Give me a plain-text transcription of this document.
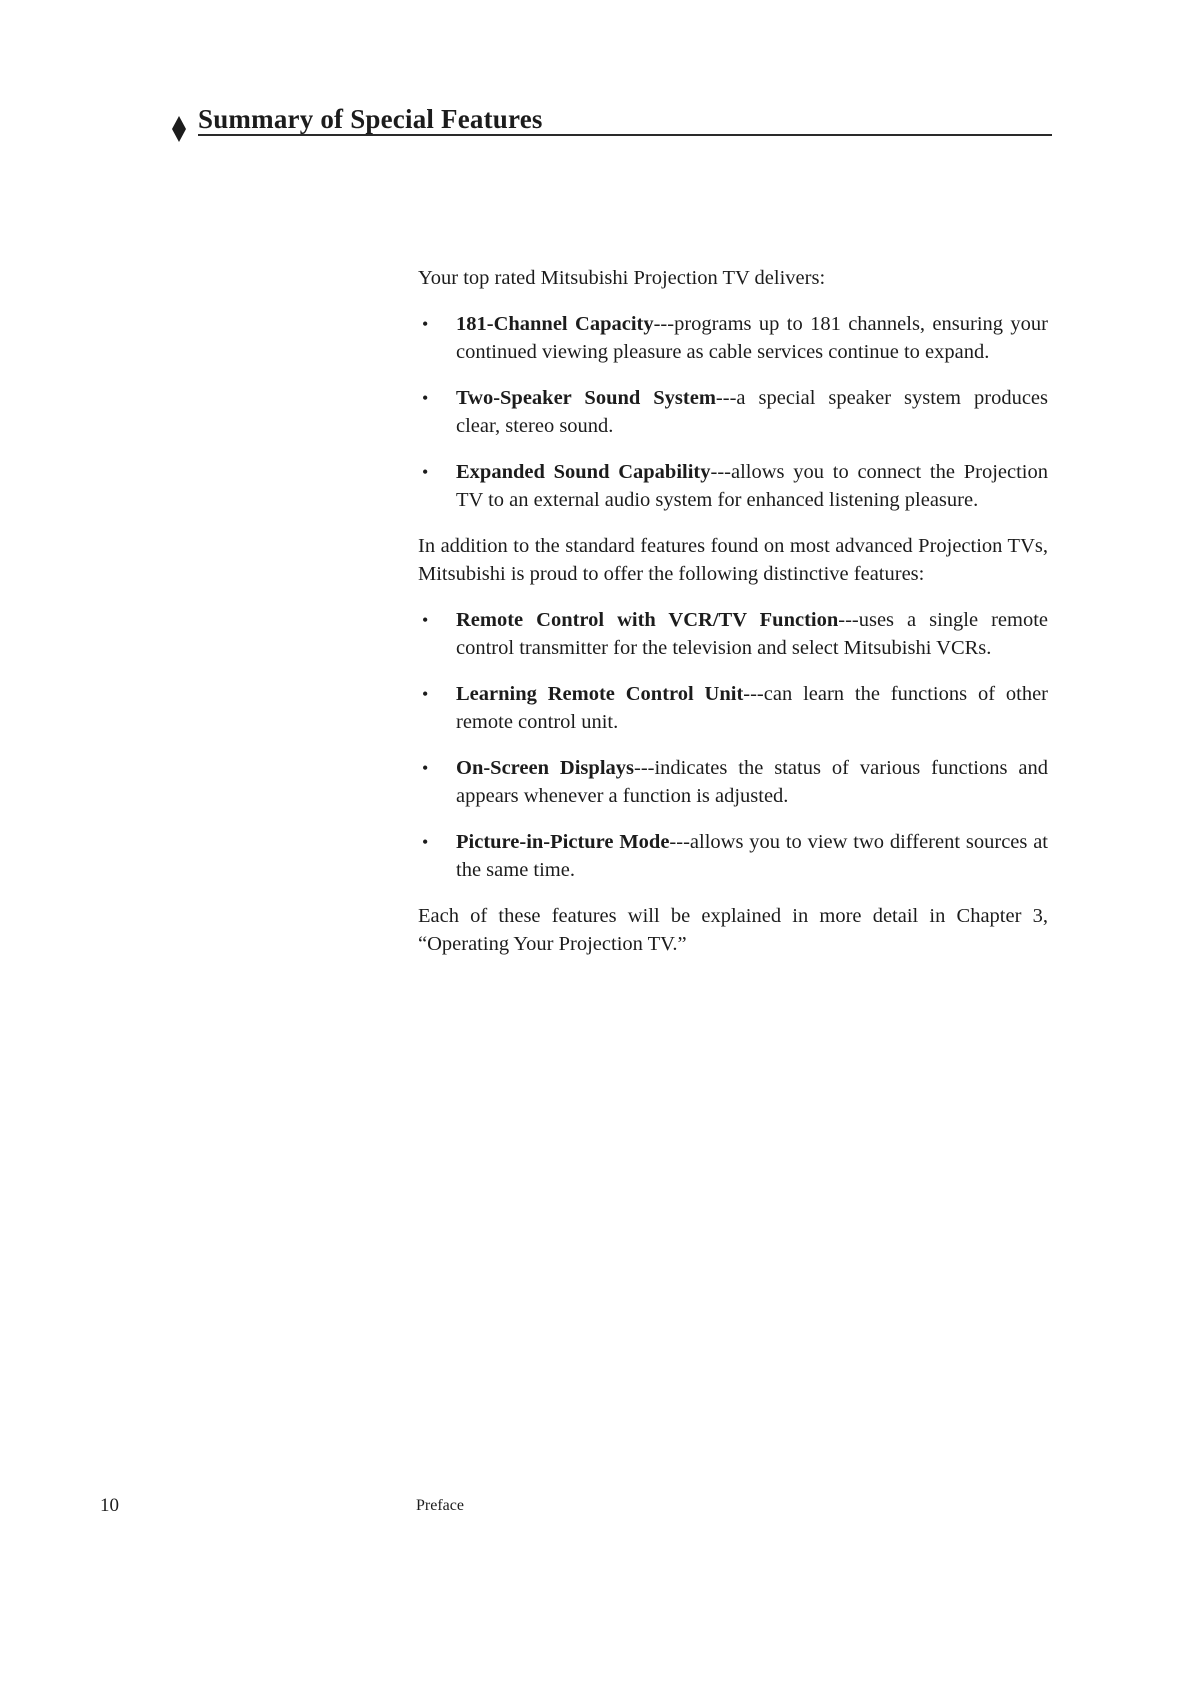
Summary of Special Features

Your top rated Mitsubishi Projection TV delivers:

• 181-Channel Capacity---programs up to 181 channels, ensuring your continued viewing pleasure as cable services continue to expand.
• Two-Speaker Sound System---a special speaker system produces clear, stereo sound.
• Expanded Sound Capability---allows you to connect the Projection TV to an external audio system for enhanced listening pleasure.

In addition to the standard features found on most advanced Projection TVs, Mitsubishi is proud to offer the following distinctive features:

• Remote Control with VCR/TV Function---uses a single remote control transmitter for the television and select Mitsubishi VCRs.
• Learning Remote Control Unit---can learn the functions of other remote control unit.
• On-Screen Displays---indicates the status of various functions and appears whenever a function is adjusted.
• Picture-in-Picture Mode---allows you to view two different sources at the same time.

Each of these features will be explained in more detail in Chapter 3, “Operating Your Projection TV.”

10	Preface
